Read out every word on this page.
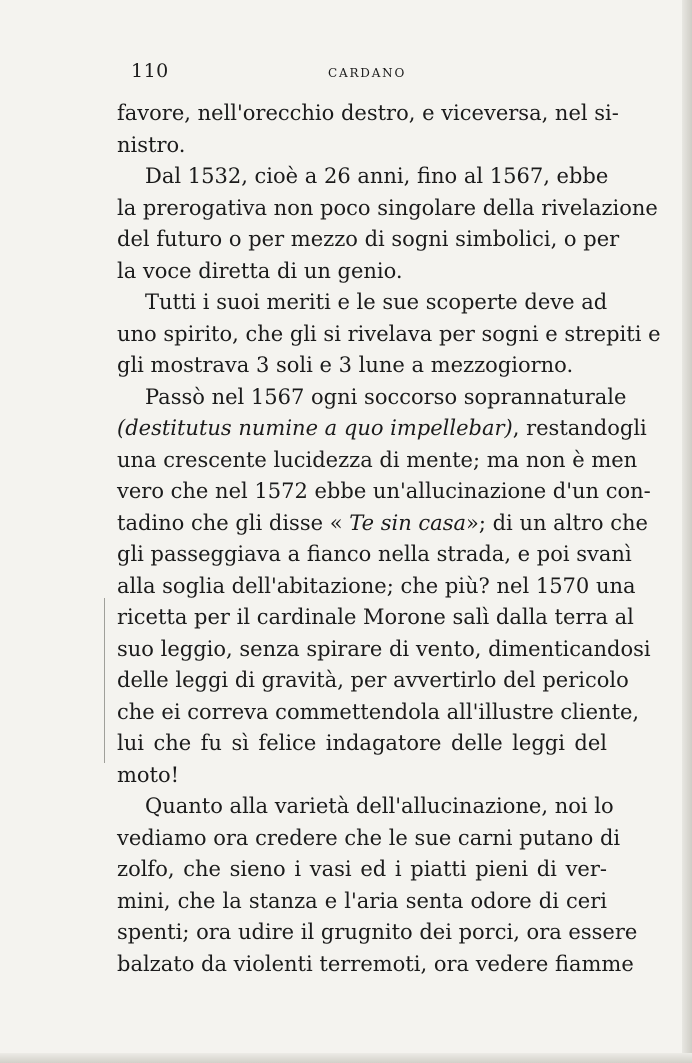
110	CARDANO
favore, nell'orecchio destro, e viceversa, nel si-
nistro.
Dal 1532, cioè a 26 anni, fino al 1567, ebbe
la prerogativa non poco singolare della rivelazione
del futuro o per mezzo di sogni simbolici, o per
la voce diretta di un genio.
Tutti i suoi meriti e le sue scoperte deve ad
uno spirito, che gli si rivelava per sogni e strepiti e
gli mostrava 3 soli e 3 lune a mezzogiorno.
Passò nel 1567 ogni soccorso soprannaturale
(destitutus numine a quo impellebar), restandogli
una crescente lucidezza di mente; ma non è men
vero che nel 1572 ebbe un'allucinazione d'un con-
tadino che gli disse « Te sin casa»; di un altro che
gli passeggiava a fianco nella strada, e poi svanì
alla soglia dell'abitazione; che più? nel 1570 una
ricetta per il cardinale Morone salì dalla terra al
suo leggio, senza spirare di vento, dimenticandosi
delle leggi di gravità, per avvertirlo del pericolo
che ei correva commettendola all'illustre cliente,
lui che fu sì felice indagatore delle leggi del
moto!
Quanto alla varietà dell'allucinazione, noi lo
vediamo ora credere che le sue carni putano di
zolfo, che sieno i vasi ed i piatti pieni di ver-
mini, che la stanza e l'aria senta odore di ceri
spenti; ora udire il grugnito dei porci, ora essere
balzato da violenti terremoti, ora vedere fiamme
